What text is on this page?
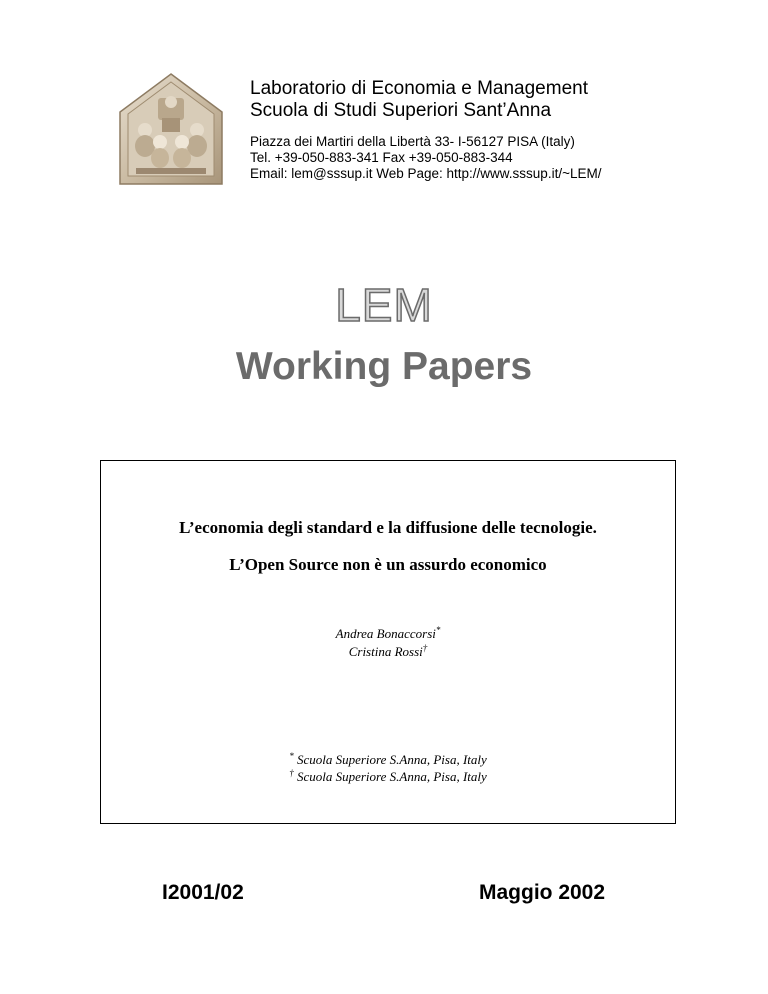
Laboratorio di Economia e Management
Scuola di Studi Superiori Sant’Anna
Piazza dei Martiri della Libertà 33- I-56127 PISA (Italy)
Tel. +39-050-883-341 Fax +39-050-883-344
Email: lem@sssup.it Web Page: http://www.sssup.it/~LEM/
LEM
Working Papers
L’economia degli standard e la diffusione delle tecnologie.
L’Open Source non è un assurdo economico
Andrea Bonaccorsi*
Cristina Rossi†
* Scuola Superiore S.Anna, Pisa, Italy
† Scuola Superiore S.Anna, Pisa, Italy
I2001/02	Maggio 2002
